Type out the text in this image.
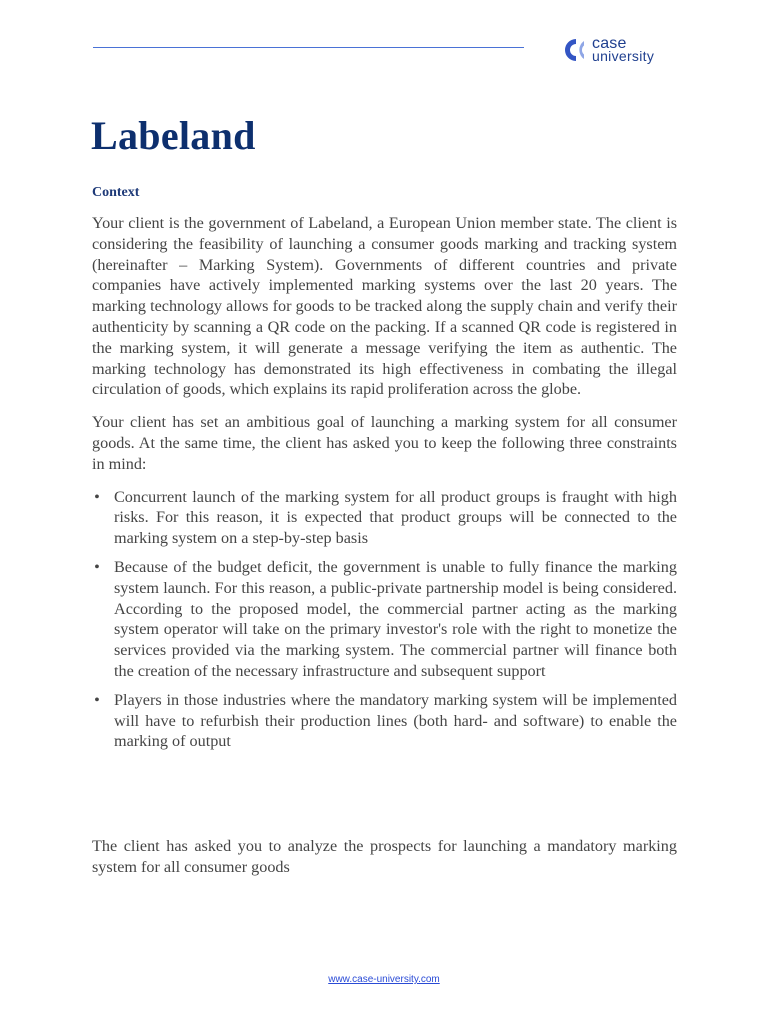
case
university
Labeland
Context

Your client is the government of Labeland, a European Union member state. The client is considering the feasibility of launching a consumer goods marking and tracking system (hereinafter – Marking System). Governments of different countries and private companies have actively implemented marking systems over the last 20 years. The marking technology allows for goods to be tracked along the supply chain and verify their authenticity by scanning a QR code on the packing. If a scanned QR code is registered in the marking system, it will generate a message verifying the item as authentic. The marking technology has demonstrated its high effectiveness in combating the illegal circulation of goods, which explains its rapid proliferation across the globe.

Your client has set an ambitious goal of launching a marking system for all consumer goods. At the same time, the client has asked you to keep the following three constraints in mind:

• Concurrent launch of the marking system for all product groups is fraught with high risks. For this reason, it is expected that product groups will be connected to the marking system on a step-by-step basis
• Because of the budget deficit, the government is unable to fully finance the marking system launch. For this reason, a public-private partnership model is being considered. According to the proposed model, the commercial partner acting as the marking system operator will take on the primary investor's role with the right to monetize the services provided via the marking system. The commercial partner will finance both the creation of the necessary infrastructure and subsequent support
• Players in those industries where the mandatory marking system will be implemented will have to refurbish their production lines (both hard- and software) to enable the marking of output

The client has asked you to analyze the prospects for launching a mandatory marking system for all consumer goods

www.case-university.com
